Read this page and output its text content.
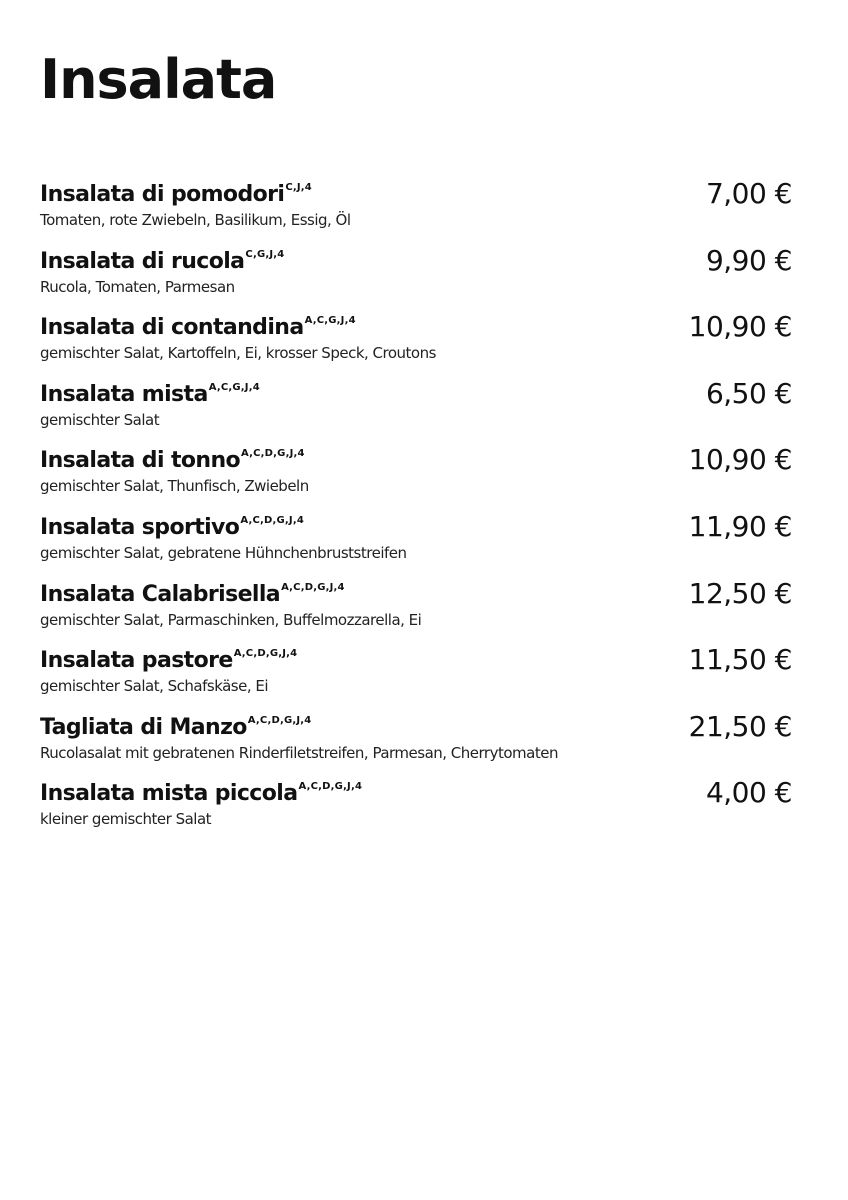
Insalata
Insalata di pomodori$^{C,J,4}$
Tomaten, rote Zwiebeln, Basilikum, Essig, Öl
7,00 €
Insalata di rucola$^{C,G,J,4}$
Rucola, Tomaten, Parmesan
9,90 €
Insalata di contandina$^{A,C,G,J,4}$
gemischter Salat, Kartoffeln, Ei, krosser Speck, Croutons
10,90 €
Insalata mista$^{A,C,G,J,4}$
gemischter Salat
6,50 €
Insalata di tonno$^{A,C,D,G,J,4}$
gemischter Salat, Thunfisch, Zwiebeln
10,90 €
Insalata sportivo$^{A,C,D,G,J,4}$
gemischter Salat, gebratene Hühnchenbruststreifen
11,90 €
Insalata Calabrisella$^{A,C,D,G,J,4}$
gemischter Salat, Parmaschinken, Buffelmozzarella, Ei
12,50 €
Insalata pastore$^{A,C,D,G,J,4}$
gemischter Salat, Schafskäse, Ei
11,50 €
Tagliata di Manzo$^{A,C,D,G,J,4}$
Rucolasalat mit gebratenen Rinderfiletstreifen, Parmesan, Cherrytomaten
21,50 €
Insalata mista piccola$^{A,C,D,G,J,4}$
kleiner gemischter Salat
4,00 €
